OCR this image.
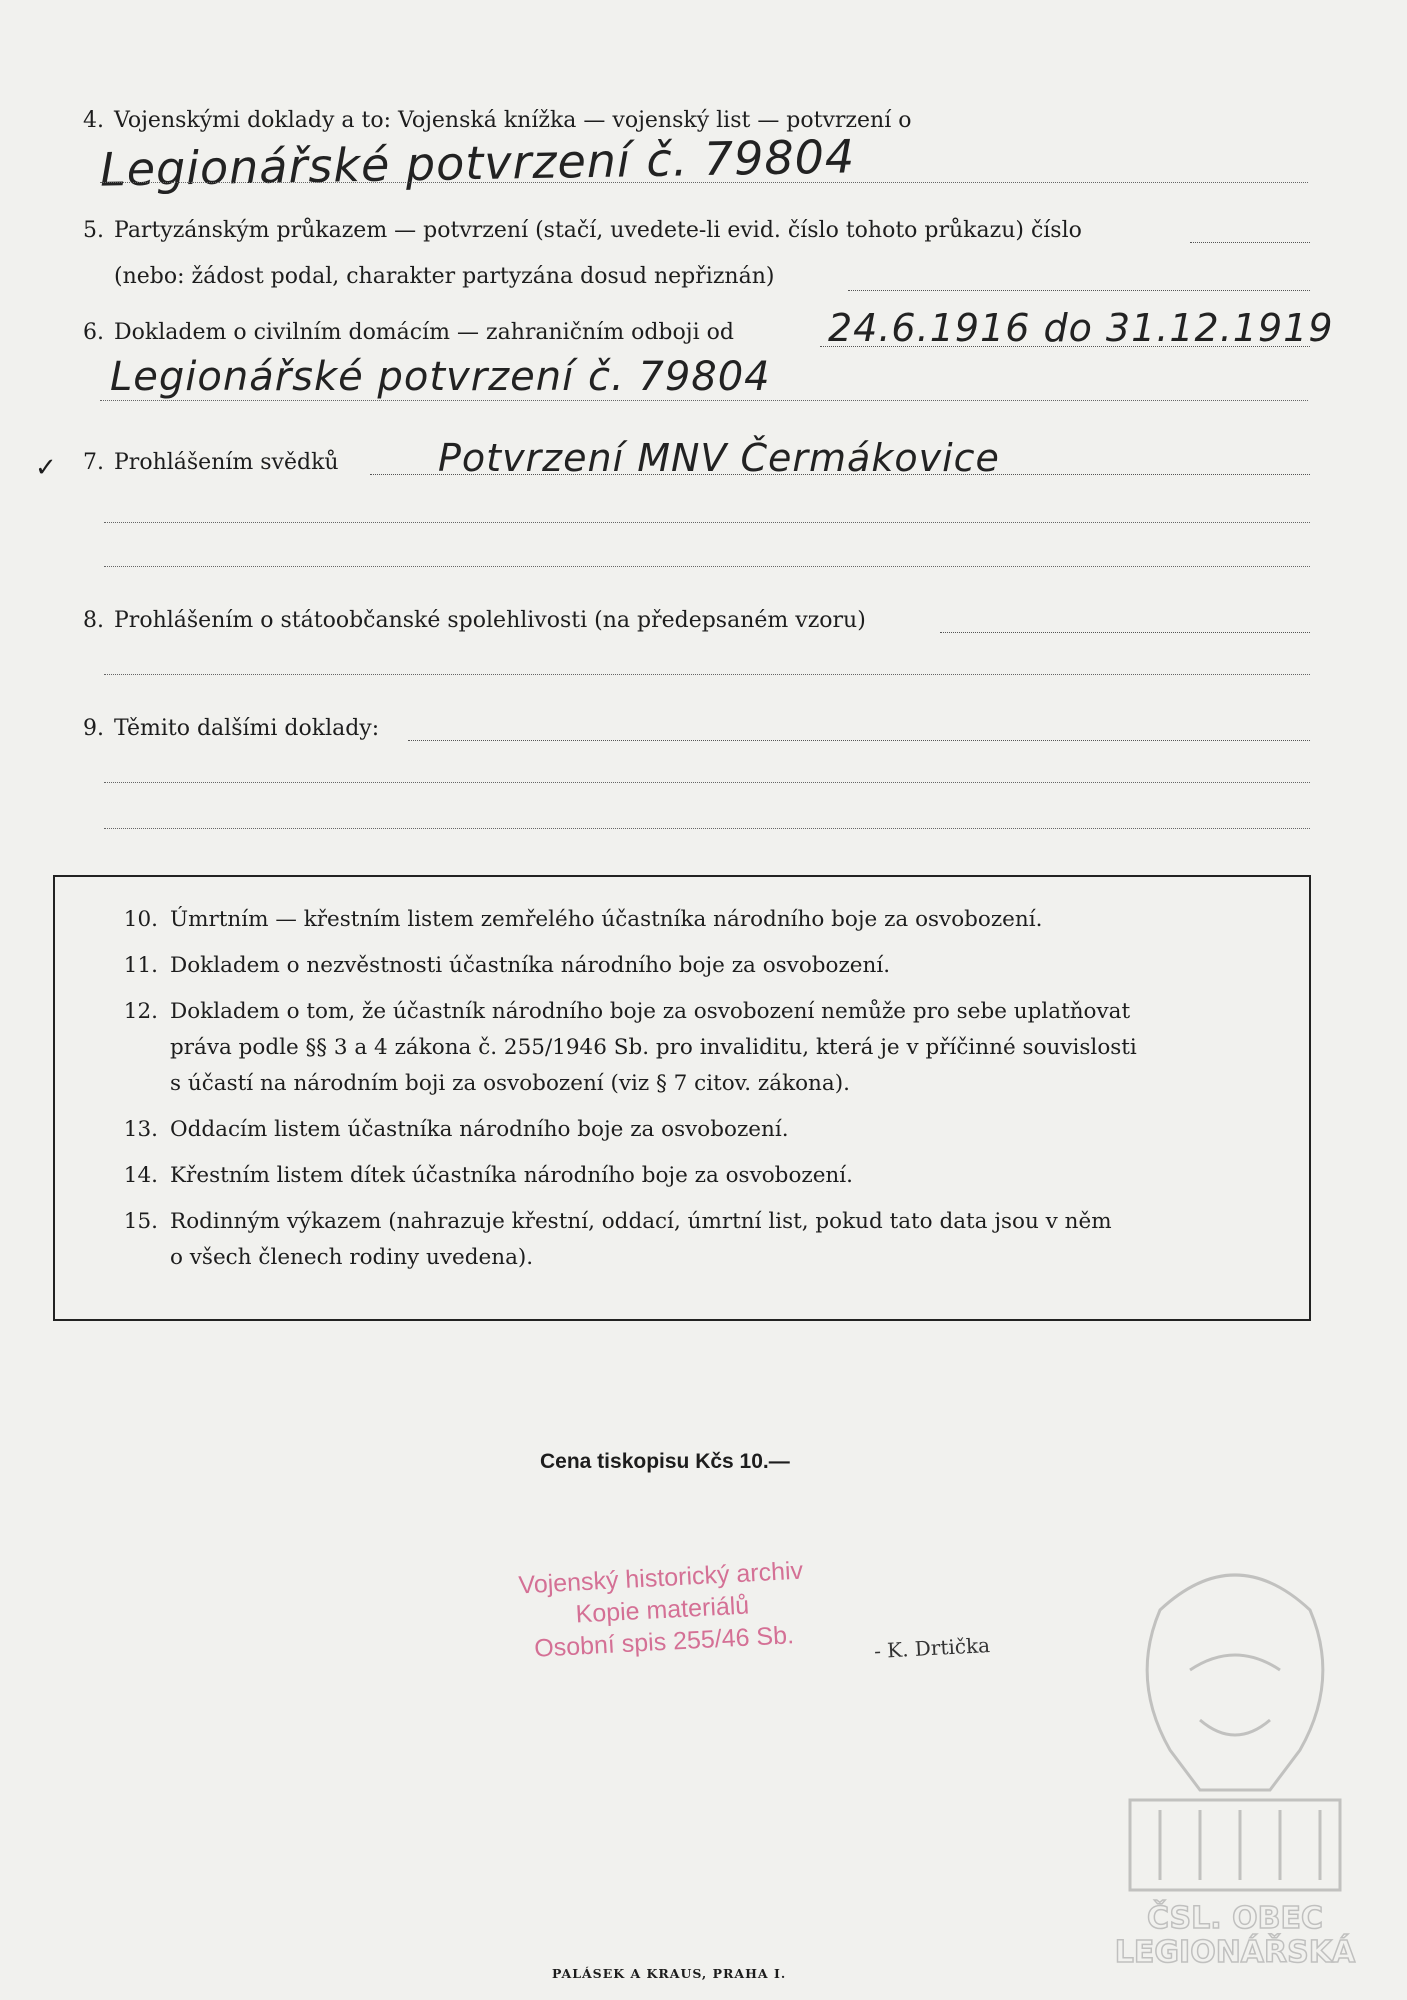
4. Vojenskými doklady a to: Vojenská knížka — vojenský list — potvrzení o
Legionářské potvrzení č. 79804
5. Partyzánským průkazem — potvrzení (stačí, uvedete-li evid. číslo tohoto průkazu) číslo
(nebo: žádost podal, charakter partyzána dosud nepřiznán)
6. Dokladem o civilním domácím — zahraničním odboji od 24.6.1916 do 31.12.1919
Legionářské potvrzení č. 79804
✓	7. Prohlášením svědků	Potvrzení MNV Čermákovice
8. Prohlášením o státoobčanské spolehlivosti (na předepsaném vzoru)
9. Těmito dalšími doklady:
10. Úmrtním — křestním listem zemřelého účastníka národního boje za osvobození.
11. Dokladem o nezvěstnosti účastníka národního boje za osvobození.
12. Dokladem o tom, že účastník národního boje za osvobození nemůže pro sebe uplatňovat
práva podle §§ 3 a 4 zákona č. 255/1946 Sb. pro invaliditu, která je v příčinné souvislosti
s účastí na národním boji za osvobození (viz § 7 citov. zákona).
13. Oddacím listem účastníka národního boje za osvobození.
14. Křestním listem dítek účastníka národního boje za osvobození.
15. Rodinným výkazem (nahrazuje křestní, oddací, úmrtní list, pokud tato data jsou v něm
o všech členech rodiny uvedena).
Cena tiskopisu Kčs 10.—
Vojenský historický archiv
Kopie materiálů
Osobní spis 255/46 Sb.	- K. Drtička
ČSL. OBEC
LEGIONÁŘSKÁ
PALÁSEK A KRAUS, PRAHA I.
